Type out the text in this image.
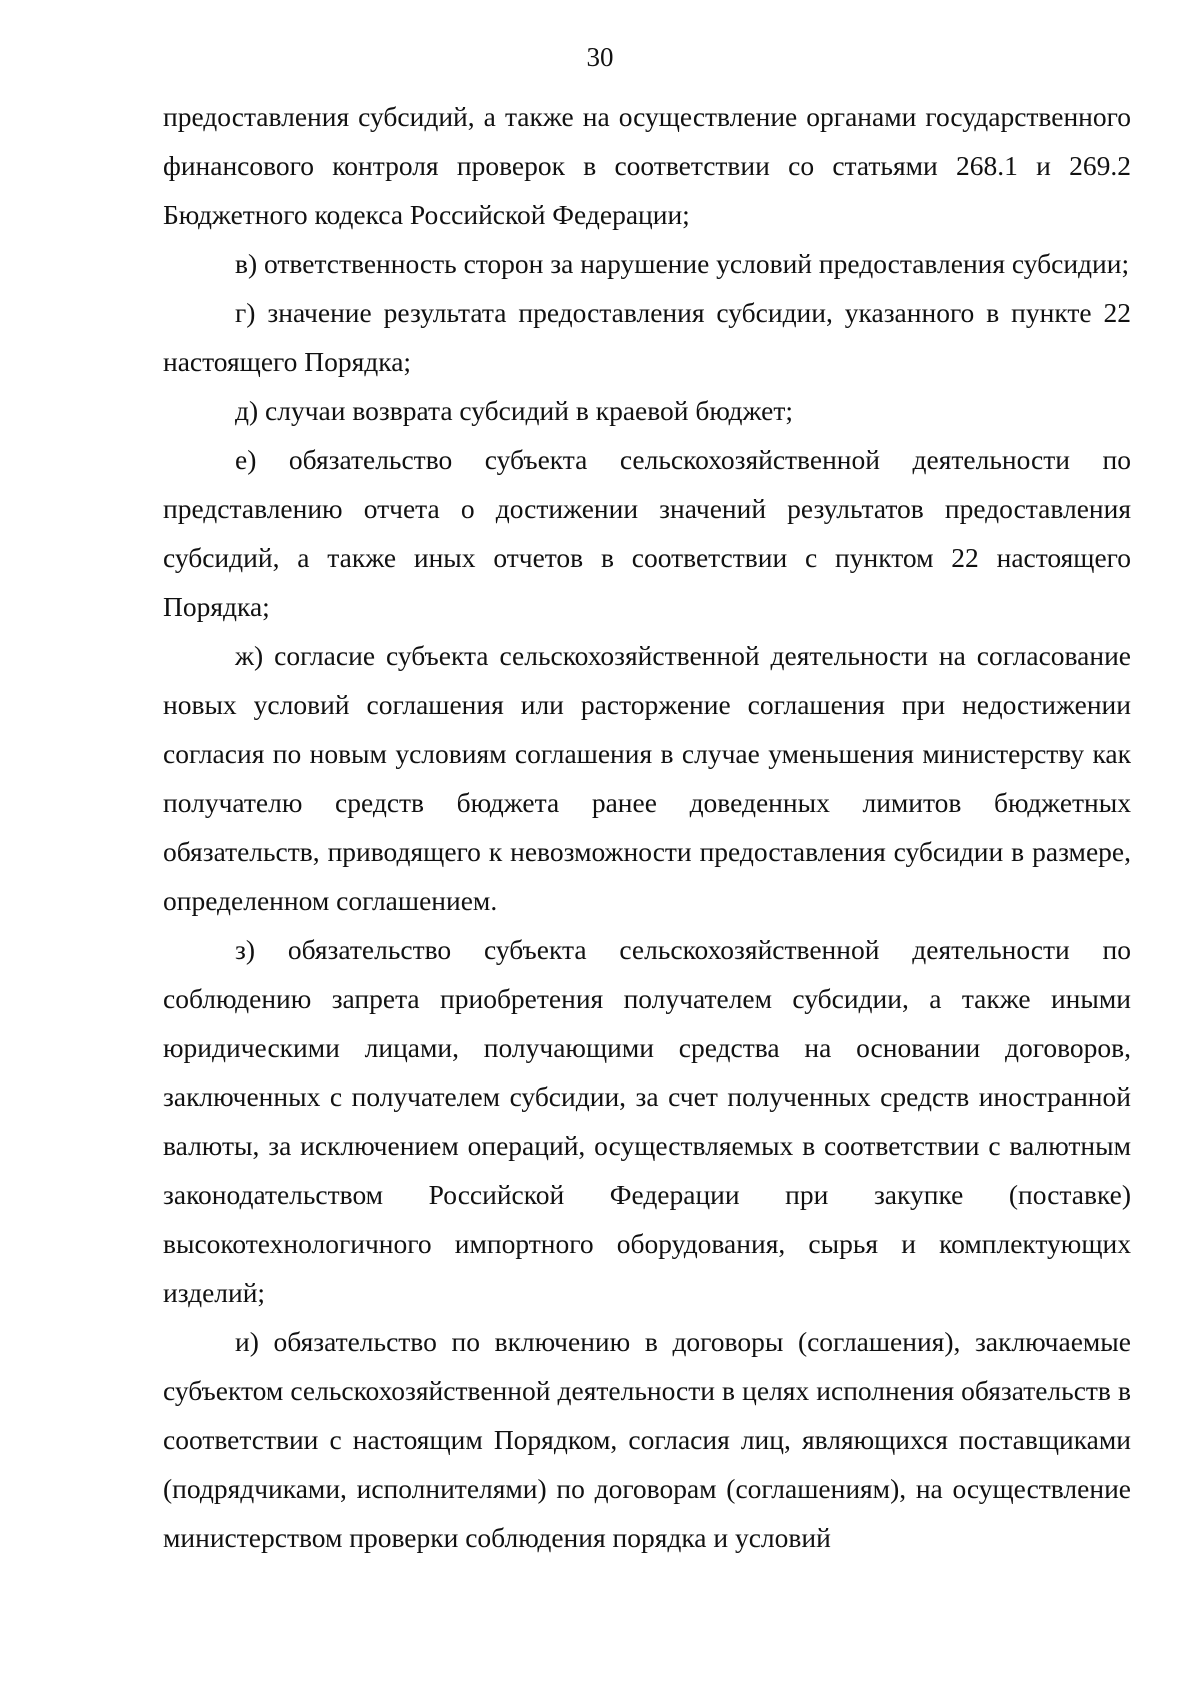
30

предоставления субсидий, а также на осуществление органами государственного финансового контроля проверок в соответствии со статьями 268.1 и 269.2 Бюджетного кодекса Российской Федерации;

в) ответственность сторон за нарушение условий предоставления субсидии;

г) значение результата предоставления субсидии, указанного в пункте 22 настоящего Порядка;

д) случаи возврата субсидий в краевой бюджет;

е) обязательство субъекта сельскохозяйственной деятельности по представлению отчета о достижении значений результатов предоставления субсидий, а также иных отчетов в соответствии с пунктом 22 настоящего Порядка;

ж) согласие субъекта сельскохозяйственной деятельности на согласование новых условий соглашения или расторжение соглашения при недостижении согласия по новым условиям соглашения в случае уменьшения министерству как получателю средств бюджета ранее доведенных лимитов бюджетных обязательств, приводящего к невозможности предоставления субсидии в размере, определенном соглашением.

з) обязательство субъекта сельскохозяйственной деятельности по соблюдению запрета приобретения получателем субсидии, а также иными юридическими лицами, получающими средства на основании договоров, заключенных с получателем субсидии, за счет полученных средств иностранной валюты, за исключением операций, осуществляемых в соответствии с валютным законодательством Российской Федерации при закупке (поставке) высокотехнологичного импортного оборудования, сырья и комплектующих изделий;

и) обязательство по включению в договоры (соглашения), заключаемые субъектом сельскохозяйственной деятельности в целях исполнения обязательств в соответствии с настоящим Порядком, согласия лиц, являющихся поставщиками (подрядчиками, исполнителями) по договорам (соглашениям), на осуществление министерством проверки соблюдения порядка и условий
